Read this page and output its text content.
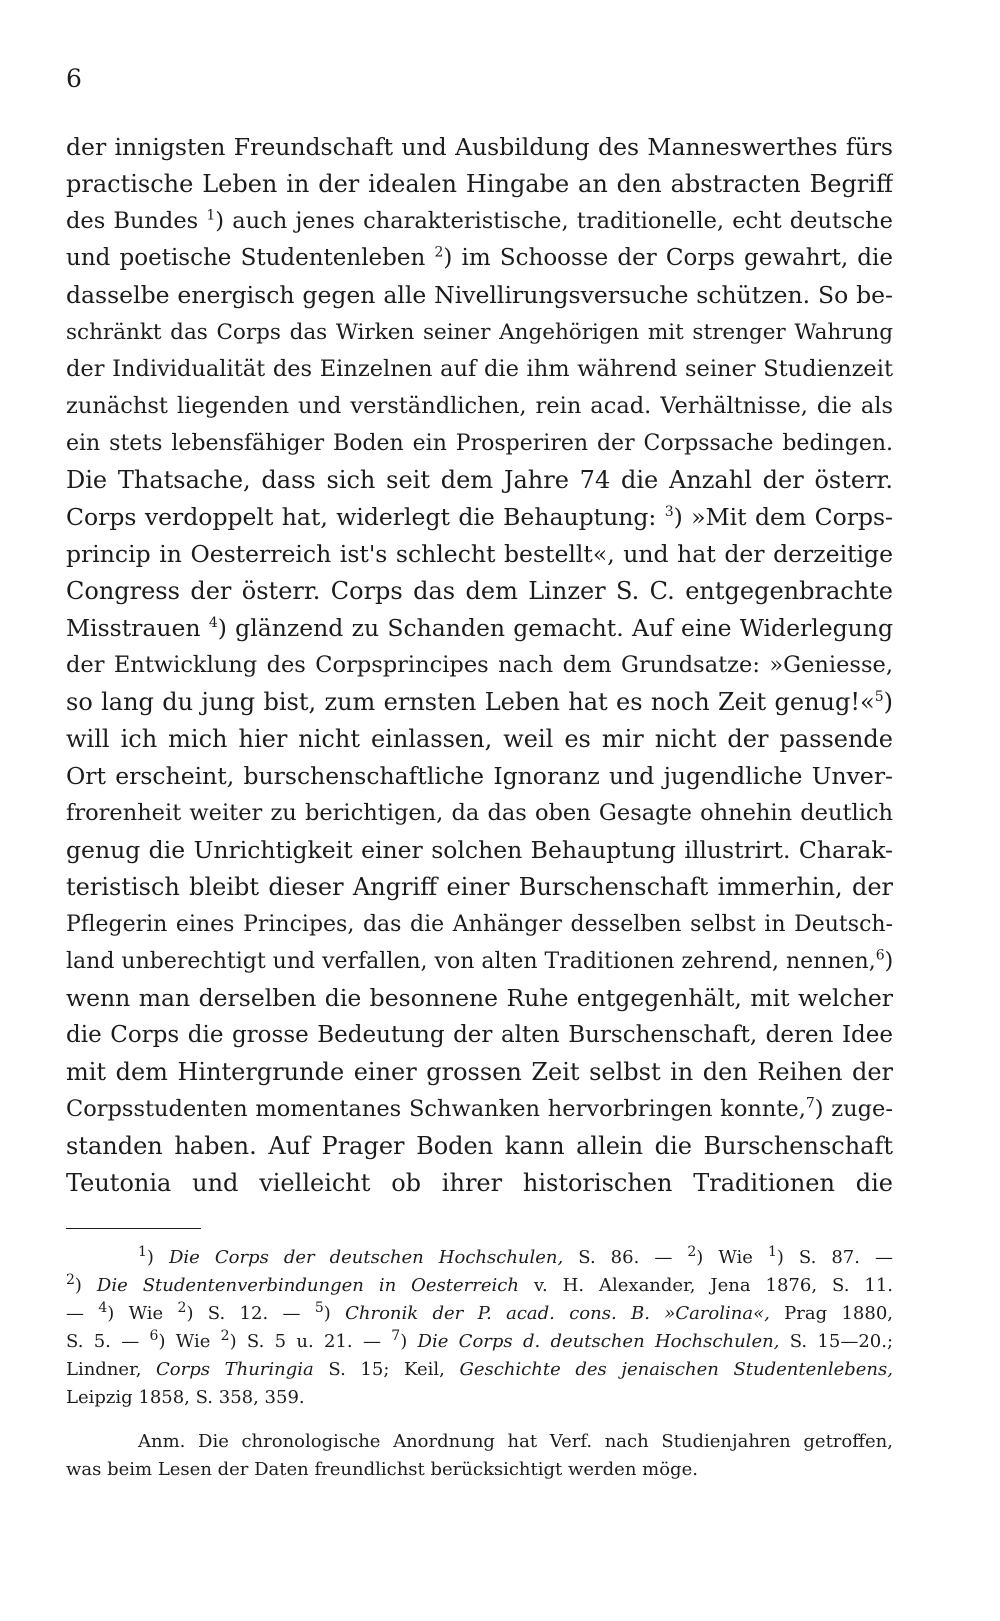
6
der innigsten Freundschaft und Ausbildung des Manneswerthes fürs
practische Leben in der idealen Hingabe an den abstracten Begriff
des Bundes $^1$) auch jenes charakteristische, traditionelle, echt deutsche
und poetische Studentenleben $^2$) im Schoosse der Corps gewahrt, die
dasselbe energisch gegen alle Nivellirungsversuche schützen. So be-
schränkt das Corps das Wirken seiner Angehörigen mit strenger Wahrung
der Individualität des Einzelnen auf die ihm während seiner Studienzeit
zunächst liegenden und verständlichen, rein acad. Verhältnisse, die als
ein stets lebensfähiger Boden ein Prosperiren der Corpssache bedingen.
Die Thatsache, dass sich seit dem Jahre 74 die Anzahl der österr.
Corps verdoppelt hat, widerlegt die Behauptung: $^3$) »Mit dem Corps-
princip in Oesterreich ist's schlecht bestellt«, und hat der derzeitige
Congress der österr. Corps das dem Linzer S. C. entgegenbrachte
Misstrauen $^4$) glänzend zu Schanden gemacht. Auf eine Widerlegung
der Entwicklung des Corpsprincipes nach dem Grundsatze: »Geniesse,
so lang du jung bist, zum ernsten Leben hat es noch Zeit genug!«$^5$)
will ich mich hier nicht einlassen, weil es mir nicht der passende
Ort erscheint, burschenschaftliche Ignoranz und jugendliche Unver-
frorenheit weiter zu berichtigen, da das oben Gesagte ohnehin deutlich
genug die Unrichtigkeit einer solchen Behauptung illustrirt. Charak-
teristisch bleibt dieser Angriff einer Burschenschaft immerhin, der
Pflegerin eines Principes, das die Anhänger desselben selbst in Deutsch-
land unberechtigt und verfallen, von alten Traditionen zehrend, nennen,$^6$)
wenn man derselben die besonnene Ruhe entgegenhält, mit welcher
die Corps die grosse Bedeutung der alten Burschenschaft, deren Idee
mit dem Hintergrunde einer grossen Zeit selbst in den Reihen der
Corpsstudenten momentanes Schwanken hervorbringen konnte,$^7$) zuge-
standen haben. Auf Prager Boden kann allein die Burschenschaft
Teutonia und vielleicht ob ihrer historischen Traditionen die
$^1$) Die Corps der deutschen Hochschulen, S. 86. — $^2$) Wie $^1$) S. 87. —
$^2$) Die Studentenverbindungen in Oesterreich v. H. Alexander, Jena 1876, S. 11.
— $^4$) Wie $^2$) S. 12. — $^5$) Chronik der P. acad. cons. B. »Carolina«, Prag 1880,
S. 5. — $^6$) Wie $^2$) S. 5 u. 21. — $^7$) Die Corps d. deutschen Hochschulen, S. 15—20.;
Lindner, Corps Thuringia S. 15; Keil, Geschichte des jenaischen Studentenlebens,
Leipzig 1858, S. 358, 359.
Anm. Die chronologische Anordnung hat Verf. nach Studienjahren getroffen,
was beim Lesen der Daten freundlichst berücksichtigt werden möge.
